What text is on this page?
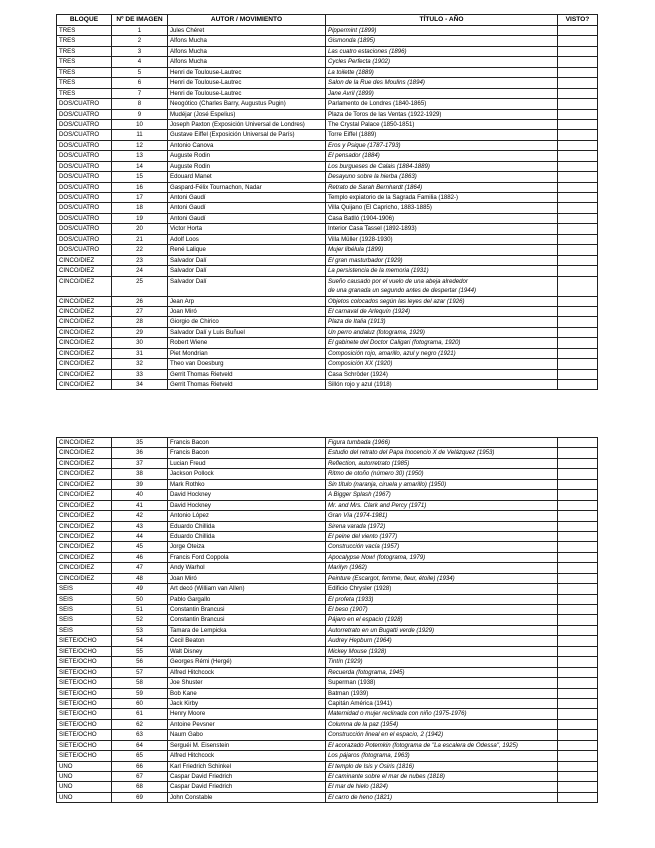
BLOQUE	Nº DE IMAGEN	AUTOR / MOVIMIENTO	TÍTULO - AÑO	VISTO?
TRES	1	Jules Chéret	Pippermint (1899)	
TRES	2	Alfons Mucha	Gismonda (1895)	
TRES	3	Alfons Mucha	Las cuatro estaciones (1896)	
TRES	4	Alfons Mucha	Cycles Perfecta (1902)	
TRES	5	Henri de Toulouse-Lautrec	La toilette (1889)	
TRES	6	Henri de Toulouse-Lautrec	Salon de la Rue des Moulins (1894)	
TRES	7	Henri de Toulouse-Lautrec	Jane Avril (1899)	
DOS/CUATRO	8	Neogótico (Charles Barry, Augustus Pugin)	Parlamento de Londres (1840-1865)	
DOS/CUATRO	9	Mudéjar (José Espelius)	Plaza de Toros de las Ventas (1922-1929)	
DOS/CUATRO	10	Joseph Paxton (Exposición Universal de Londres)	The Crystal Palace (1850-1851)	
DOS/CUATRO	11	Gustave Eiffel (Exposición Universal de París)	Torre Eiffel (1889)	
DOS/CUATRO	12	Antonio Canova	Eros y Psique (1787-1793)	
DOS/CUATRO	13	Auguste Rodin	El pensador (1884)	
DOS/CUATRO	14	Auguste Rodin	Los burgueses de Calais (1884-1889)	
DOS/CUATRO	15	Edouard Manet	Desayuno sobre la hierba (1863)	
DOS/CUATRO	16	Gaspard-Félix Tournachon, Nadar	Retrato de Sarah Bernhardt (1864)	
DOS/CUATRO	17	Antoni Gaudí	Templo expiatorio de la Sagrada Familia (1882-)	
DOS/CUATRO	18	Antoni Gaudí	Villa Quijano (El Capricho, 1883-1885)	
DOS/CUATRO	19	Antoni Gaudí	Casa Batlló (1904-1906)	
DOS/CUATRO	20	Victor Horta	Interior Casa Tassel (1892-1893)	
DOS/CUATRO	21	Adolf Loos	Villa Müller (1928-1930)	
DOS/CUATRO	22	René Lalique	Mujer libélula (1899)	
CINCO/DIEZ	23	Salvador Dalí	El gran masturbador (1929)	
CINCO/DIEZ	24	Salvador Dalí	La persistencia de la memoria (1931)	
CINCO/DIEZ	25	Salvador Dalí	Sueño causado por el vuelo de una abeja alrededor
de una granada un segundo antes de despertar (1944)	
CINCO/DIEZ	26	Jean Arp	Objetos colocados según las leyes del azar (1926)	
CINCO/DIEZ	27	Joan Miró	El carnaval de Arlequín (1924)	
CINCO/DIEZ	28	Giorgio de Chirico	Plaza de Italia (1913)	
CINCO/DIEZ	29	Salvador Dalí y Luis Buñuel	Un perro andaluz (fotograma, 1929)	
CINCO/DIEZ	30	Robert Wiene	El gabinete del Doctor Caligari (fotograma, 1920)	
CINCO/DIEZ	31	Piet Mondrian	Composición rojo, amarillo, azul y negro (1921)	
CINCO/DIEZ	32	Theo van Doesburg	Composición XX (1920)	
CINCO/DIEZ	33	Gerrit Thomas Rietveld	Casa Schröder (1924)	
CINCO/DIEZ	34	Gerrit Thomas Rietveld	Sillón rojo y azul (1918)	
CINCO/DIEZ	35	Francis Bacon	Figura tumbada (1966)	
CINCO/DIEZ	36	Francis Bacon	Estudio del retrato del Papa Inocencio X de Velázquez (1953)	
CINCO/DIEZ	37	Lucian Freud	Reflection, autorretrato (1985)	
CINCO/DIEZ	38	Jackson Pollock	Ritmo de otoño (número 30) (1950)	
CINCO/DIEZ	39	Mark Rothko	Sin título (naranja, ciruela y amarillo) (1950)	
CINCO/DIEZ	40	David Hockney	A Bigger Splash (1967)	
CINCO/DIEZ	41	David Hockney	Mr. and Mrs. Clark and Percy (1971)	
CINCO/DIEZ	42	Antonio López	Gran Vía (1974-1981)	
CINCO/DIEZ	43	Eduardo Chillida	Sirena varada (1972)	
CINCO/DIEZ	44	Eduardo Chillida	El peine del viento (1977)	
CINCO/DIEZ	45	Jorge Oteiza	Construcción vacía (1957)	
CINCO/DIEZ	46	Francis Ford Coppola	Apocalypse Now! (fotograma, 1979)	
CINCO/DIEZ	47	Andy Warhol	Marilyn (1962)	
CINCO/DIEZ	48	Joan Miró	Peinture (Escargot, femme, fleur, étoile) (1934)	
SEIS	49	Art decó (William van Allen)	Edificio Chrysler (1928)	
SEIS	50	Pablo Gargallo	El profeta (1933)	
SEIS	51	Constantin Brancusi	El beso (1907)	
SEIS	52	Constantin Brancusi	Pájaro en el espacio (1928)	
SEIS	53	Tamara de Lempicka	Autorretrato en un Bugatti verde (1929)	
SIETE/OCHO	54	Cecil Beaton	Audrey Hepburn (1964)	
SIETE/OCHO	55	Walt Disney	Mickey Mouse (1928)	
SIETE/OCHO	56	Georges Rémi (Hergé)	Tintín (1929)	
SIETE/OCHO	57	Alfred Hitchcock	Recuerda (fotograma, 1945)	
SIETE/OCHO	58	Joe Shuster	Superman (1938)	
SIETE/OCHO	59	Bob Kane	Batman (1939)	
SIETE/OCHO	60	Jack Kirby	Capitán América (1941)	
SIETE/OCHO	61	Henry Moore	Maternidad o mujer reclinada con niño (1975-1976)	
SIETE/OCHO	62	Antoine Pevsner	Columna de la paz (1954)	
SIETE/OCHO	63	Naum Gabo	Construcción lineal en el espacio, 2 (1942)	
SIETE/OCHO	64	Serguéi M. Eisenstein	El acorazado Potemkin (fotograma de "La escalera de Odessa", 1925)	
SIETE/OCHO	65	Alfred Hitchcock	Los pájaros (fotograma, 1963)	
UNO	66	Karl Friedrich Schinkel	El templo de Isis y Osiris (1816)	
UNO	67	Caspar David Friedrich	El caminante sobre el mar de nubes (1818)	
UNO	68	Caspar David Friedrich	El mar de hielo (1824)	
UNO	69	John Constable	El carro de heno (1821)	
